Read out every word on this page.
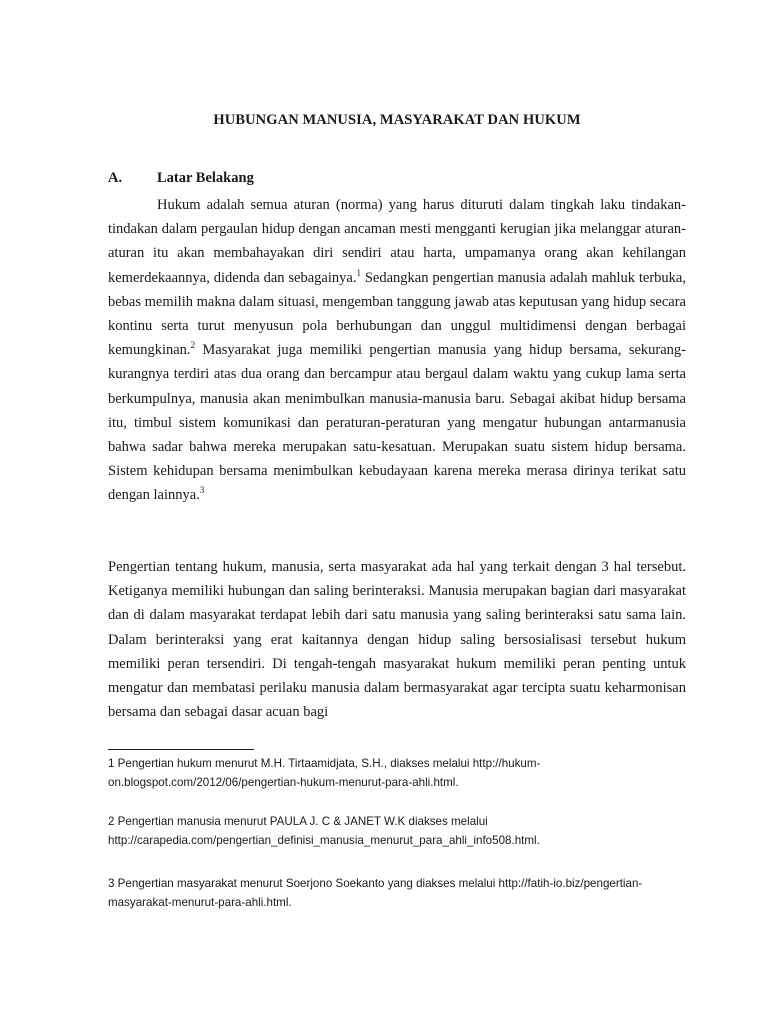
HUBUNGAN MANUSIA, MASYARAKAT DAN HUKUM
A. Latar Belakang

Hukum adalah semua aturan (norma) yang harus dituruti dalam tingkah laku tindakan-tindakan dalam pergaulan hidup dengan ancaman mesti mengganti kerugian jika melanggar aturan-aturan itu akan membahayakan diri sendiri atau harta, umpamanya orang akan kehilangan kemerdekaannya, didenda dan sebagainya.$^1$ Sedangkan pengertian manusia adalah mahluk terbuka, bebas memilih makna dalam situasi, mengemban tanggung jawab atas keputusan yang hidup secara kontinu serta turut menyusun pola berhubungan dan unggul multidimensi dengan berbagai kemungkinan.$^2$ Masyarakat juga memiliki pengertian manusia yang hidup bersama, sekurang-kurangnya terdiri atas dua orang dan bercampur atau bergaul dalam waktu yang cukup lama serta berkumpulnya, manusia akan menimbulkan manusia-manusia baru. Sebagai akibat hidup bersama itu, timbul sistem komunikasi dan peraturan-peraturan yang mengatur hubungan antarmanusia bahwa sadar bahwa mereka merupakan satu-kesatuan. Merupakan suatu sistem hidup bersama. Sistem kehidupan bersama menimbulkan kebudayaan karena mereka merasa dirinya terikat satu dengan lainnya.$^3$

Pengertian tentang hukum, manusia, serta masyarakat ada hal yang terkait dengan 3 hal tersebut. Ketiganya memiliki hubungan dan saling berinteraksi. Manusia merupakan bagian dari masyarakat dan di dalam masyarakat terdapat lebih dari satu manusia yang saling berinteraksi satu sama lain. Dalam berinteraksi yang erat kaitannya dengan hidup saling bersosialisasi tersebut hukum memiliki peran tersendiri. Di tengah-tengah masyarakat hukum memiliki peran penting untuk mengatur dan membatasi perilaku manusia dalam bermasyarakat agar tercipta suatu keharmonisan bersama dan sebagai dasar acuan bagi

1 Pengertian hukum menurut M.H. Tirtaamidjata, S.H., diakses melalui http://hukum-on.blogspot.com/2012/06/pengertian-hukum-menurut-para-ahli.html.

2 Pengertian manusia menurut PAULA J. C & JANET W.K diakses melalui http://carapedia.com/pengertian_definisi_manusia_menurut_para_ahli_info508.html.

3 Pengertian masyarakat menurut Soerjono Soekanto yang diakses melalui http://fatih-io.biz/pengertian-masyarakat-menurut-para-ahli.html.
